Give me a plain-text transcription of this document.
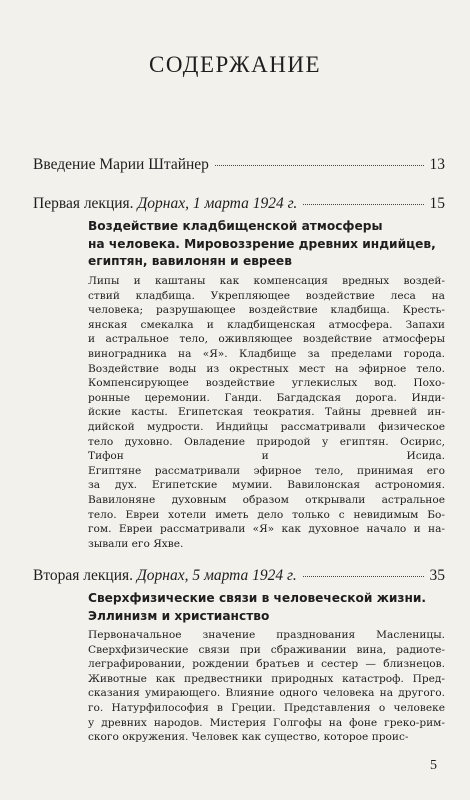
СОДЕРЖАНИЕ
Введение Марии Штайнер	13
Первая лекция.
Дорнах, 1 марта 1924 г.	15
Воздействие кладбищенской атмосферы
на человека. Мировоззрение древних индийцев,
египтян, вавилонян и евреев
Липы и каштаны как компенсация вредных воздей-
ствий кладбища. Укрепляющее воздействие леса на
человека; разрушающее воздействие кладбища. Кресть-
янская смекалка и кладбищенская атмосфера. Запахи
и астральное тело, оживляющее воздействие атмосферы
виноградника на «Я». Кладбище за пределами города.
Воздействие воды из окрестных мест на эфирное тело.
Компенсирующее воздействие углекислых вод. Похо-
ронные церемонии. Ганди. Багдадская дорога. Инди-
йские касты. Египетская теократия. Тайны древней ин-
дийской мудрости. Индийцы рассматривали физическое
тело духовно. Овладение природой у египтян. Осирис,
Тифон и Исида.
Египтяне рассматривали эфирное тело, принимая его
за дух. Египетские мумии. Вавилонская астрономия.
Вавилоняне духовным образом открывали астральное
тело. Евреи хотели иметь дело только с невидимым Бо-
гом. Евреи рассматривали «Я» как духовное начало и на-
зывали его Яхве.
Вторая лекция.
Дорнах, 5 марта 1924 г.	35
Сверхфизические связи в человеческой жизни.
Эллинизм и христианство
Первоначальное значение празднования Масленицы.
Сверхфизические связи при сбраживании вина, радиоте-
леграфировании, рождении братьев и сестер — близнецов.
Животные как предвестники природных катастроф. Пред-
сказания умирающего. Влияние одного человека на другого.
го. Натурфилософия в Греции. Представления о человеке
у древних народов. Мистерия Голгофы на фоне греко-рим-
ского окружения. Человек как существо, которое проис-
5
